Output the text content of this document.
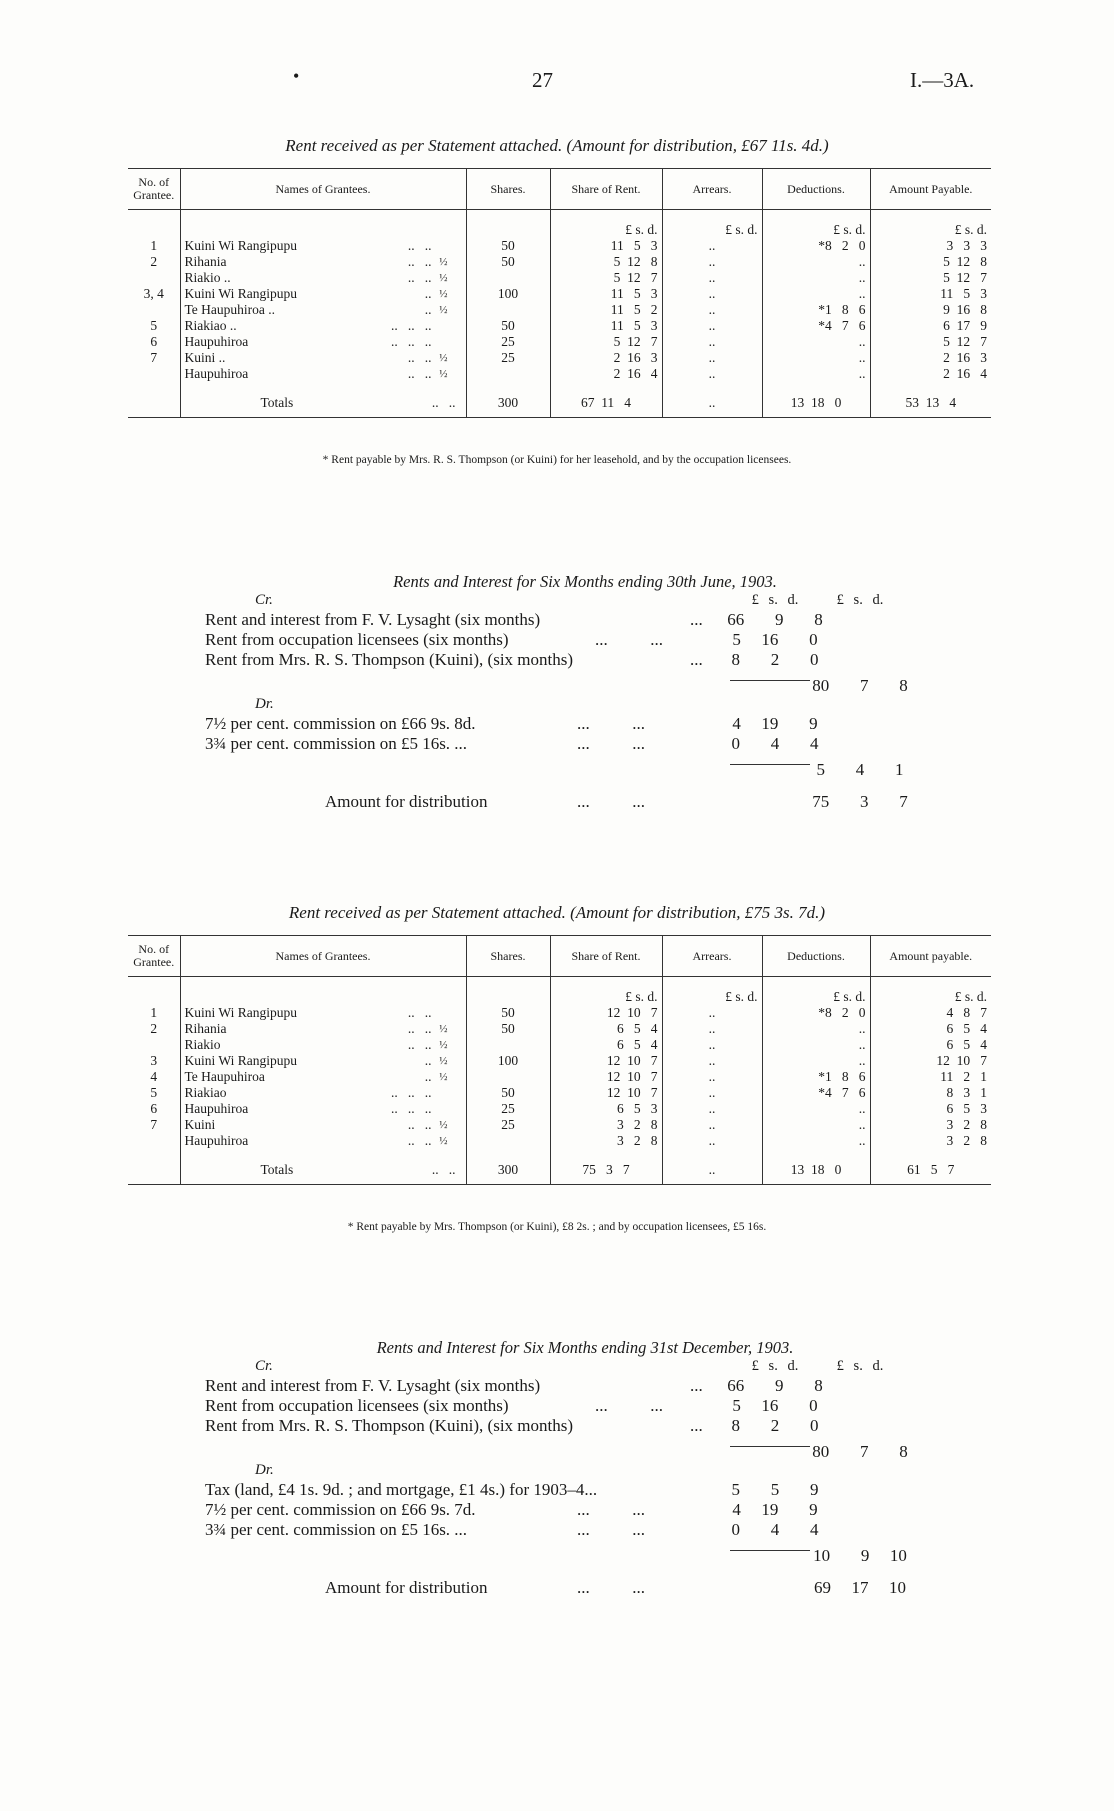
•	27	I.—3A.
Rent received as per Statement attached. (Amount for distribution, £67 11s. 4d.)
No. of Grantee.	Names of Grantees.	Shares.	Share of Rent.	Arrears.	Deductions.	Amount Payable.

			£ s. d.	£ s. d.	£ s. d.	£ s. d.
1	Kuini Wi Rangipupu ..   ..	50	11   5   3	..	*8   2   0	3   3   3
2	Rihania ..   .. ½	50	5  12   8	..	..	5  12   8
	Riakio .. ..   .. ½		5  12   7	..	..	5  12   7
3, 4	Kuini Wi Rangipupu .. ½	100	11   5   3	..	..	11   5   3
	Te Haupuhiroa .. .. ½		11   5   2	..	*1   8   6	9  16   8
5	Riakiao .. ..   ..   ..	50	11   5   3	..	*4   7   6	6  17   9
6	Haupuhiroa ..   ..   ..	25	5  12   7	..	..	5  12   7
7	Kuini .. ..   .. ½	25	2  16   3	..	..	2  16   3
	Haupuhiroa ..   .. ½		2  16   4	..	..	2  16   4

	Totals ..   ..	300	67  11   4	..	13  18   0	53  13   4
* Rent payable by Mrs. R. S. Thompson (or Kuini) for her leasehold, and by the occupation licensees.
Rents and Interest for Six Months ending 30th June, 1903.
Cr.	£ s. d.	£ s. d.
Rent and interest from F. V. Lysaght (six months)	... 66   9   8
Rent from occupation licensees (six months)	...          ...	5  16   0
Rent from Mrs. R. S. Thompson (Kuini), (six months)	...	8   2   0
80   7   8
Dr.
7½ per cent. commission on £66 9s. 8d.	...          ...	4  19   9
3¾ per cent. commission on £5 16s. ...	...          ...	0   4   4
5   4   1
Amount for distribution	...          ...	75   3   7
Rent received as per Statement attached. (Amount for distribution, £75 3s. 7d.)
No. of Grantee.	Names of Grantees.	Shares.	Share of Rent.	Arrears.	Deductions.	Amount payable.

			£ s. d.	£ s. d.	£ s. d.	£ s. d.
1	Kuini Wi Rangipupu ..   ..	50	12  10   7	..	*8   2   0	4   8   7
2	Rihania ..   .. ½	50	6   5   4	..	..	6   5   4
	Riakio ..   .. ½		6   5   4	..	..	6   5   4
3	Kuini Wi Rangipupu .. ½	100	12  10   7	..	..	12  10   7
4	Te Haupuhiroa .. ½		12  10   7	..	*1   8   6	11   2   1
5	Riakiao ..   ..   ..	50	12  10   7	..	*4   7   6	8   3   1
6	Haupuhiroa ..   ..   ..	25	6   5   3	..	..	6   5   3
7	Kuini ..   .. ½	25	3   2   8	..	..	3   2   8
	Haupuhiroa ..   .. ½		3   2   8	..	..	3   2   8

	Totals ..   ..	300	75   3   7	..	13  18   0	61   5   7
* Rent payable by Mrs. Thompson (or Kuini), £8 2s. ; and by occupation licensees, £5 16s.
Rents and Interest for Six Months ending 31st December, 1903.
Cr.	£ s. d.	£ s. d.
Rent and interest from F. V. Lysaght (six months)	... 66   9   8
Rent from occupation licensees (six months)	...          ...	5  16   0
Rent from Mrs. R. S. Thompson (Kuini), (six months)	...	8   2   0
80   7   8
Dr.
Tax (land, £4 1s. 9d. ; and mortgage, £1 4s.) for 1903–4...	5   5   9
7½ per cent. commission on £66 9s. 7d.	...          ...	4  19   9
3¾ per cent. commission on £5 16s. ...	...          ...	0   4   4
10   9  10
Amount for distribution	...          ...	69  17  10
